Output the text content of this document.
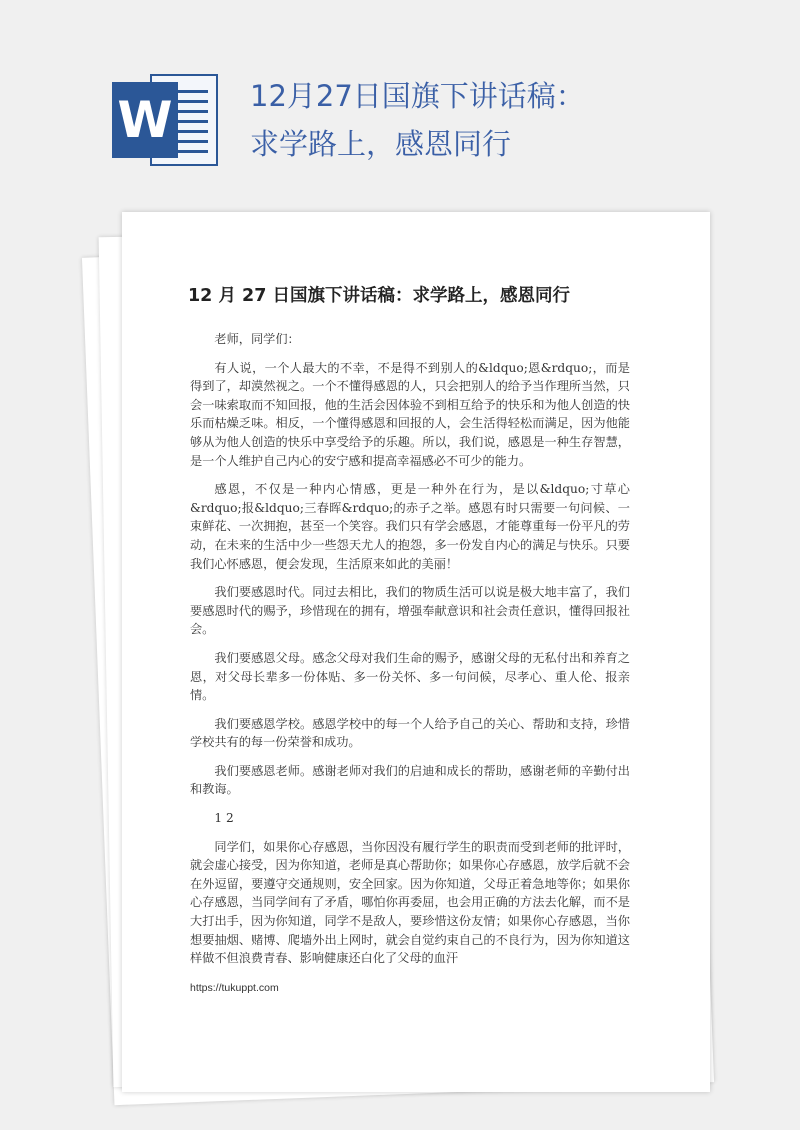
W	12月27日国旗下讲话稿：
求学路上，感恩同行
12 月 27 日国旗下讲话稿：求学路上，感恩同行

老师，同学们：

有人说，一个人最大的不幸，不是得不到别人的&ldquo;恩&rdquo;，而是得到了，却漠然视之。一个不懂得感恩的人，只会把别人的给予当作理所当然，只会一味索取而不知回报，他的生活会因体验不到相互给予的快乐和为他人创造的快乐而枯燥乏味。相反，一个懂得感恩和回报的人，会生活得轻松而满足，因为他能够从为他人创造的快乐中享受给予的乐趣。所以，我们说，感恩是一种生存智慧，是一个人维护自己内心的安宁感和提高幸福感必不可少的能力。

感恩，不仅是一种内心情感，更是一种外在行为，是以&ldquo;寸草心&rdquo;报&ldquo;三春晖&rdquo;的赤子之举。感恩有时只需要一句问候、一束鲜花、一次拥抱，甚至一个笑容。我们只有学会感恩，才能尊重每一份平凡的劳动，在未来的生活中少一些怨天尤人的抱怨，多一份发自内心的满足与快乐。只要我们心怀感恩，便会发现，生活原来如此的美丽！

我们要感恩时代。同过去相比，我们的物质生活可以说是极大地丰富了，我们要感恩时代的赐予，珍惜现在的拥有，增强奉献意识和社会责任意识，懂得回报社会。

我们要感恩父母。感念父母对我们生命的赐予，感谢父母的无私付出和养育之恩，对父母长辈多一份体贴、多一份关怀、多一句问候，尽孝心、重人伦、报亲情。

我们要感恩学校。感恩学校中的每一个人给予自己的关心、帮助和支持，珍惜学校共有的每一份荣誉和成功。

我们要感恩老师。感谢老师对我们的启迪和成长的帮助，感谢老师的辛勤付出和教诲。

1 2

同学们，如果你心存感恩，当你因没有履行学生的职责而受到老师的批评时，就会虚心接受，因为你知道，老师是真心帮助你；如果你心存感恩，放学后就不会在外逗留，要遵守交通规则，安全回家。因为你知道，父母正着急地等你；如果你心存感恩，当同学间有了矛盾，哪怕你再委屈，也会用正确的方法去化解，而不是大打出手，因为你知道，同学不是敌人，要珍惜这份友情；如果你心存感恩，当你想要抽烟、赌博、爬墙外出上网时，就会自觉约束自己的不良行为，因为你知道这样做不但浪费青春、影响健康还白化了父母的血汗

https://tukuppt.com
